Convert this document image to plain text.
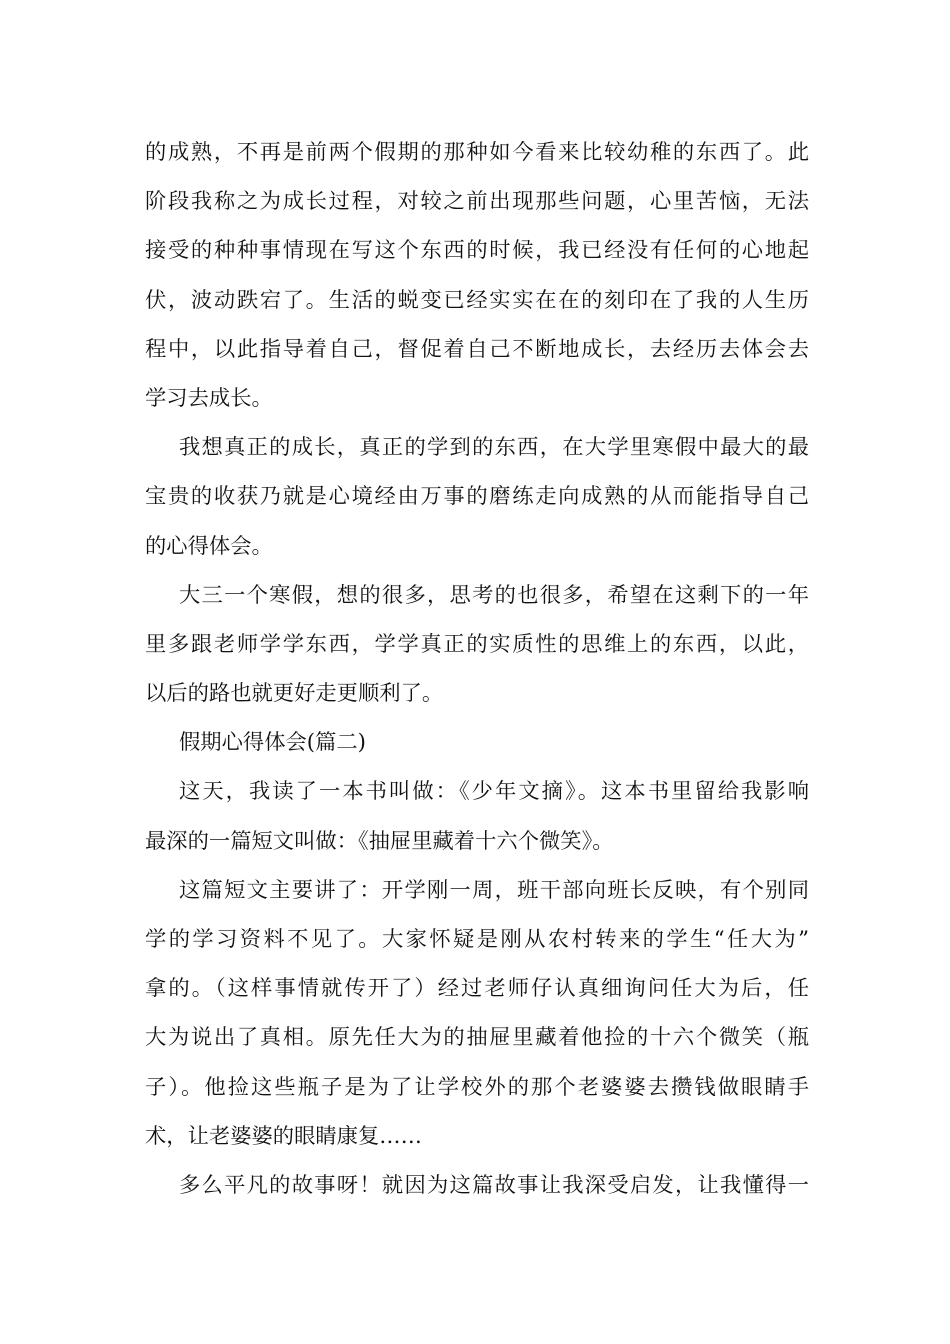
的成熟，不再是前两个假期的那种如今看来比较幼稚的东西了。此
阶段我称之为成长过程，对较之前出现那些问题，心里苦恼，无法
接受的种种事情现在写这个东西的时候，我已经没有任何的心地起
伏，波动跌宕了。生活的蜕变已经实实在在的刻印在了我的人生历
程中，以此指导着自己，督促着自己不断地成长，去经历去体会去
学习去成长。
我想真正的成长，真正的学到的东西，在大学里寒假中最大的最
宝贵的收获乃就是心境经由万事的磨练走向成熟的从而能指导自己
的心得体会。
大三一个寒假，想的很多，思考的也很多，希望在这剩下的一年
里多跟老师学学东西，学学真正的实质性的思维上的东西，以此，
以后的路也就更好走更顺利了。
假期心得体会(篇二)
这天，我读了一本书叫做：《少年文摘》。这本书里留给我影响
最深的一篇短文叫做：《抽屉里藏着十六个微笑》。
这篇短文主要讲了：开学刚一周，班干部向班长反映，有个别同
学的学习资料不见了。大家怀疑是刚从农村转来的学生“任大为”
拿的。（这样事情就传开了）经过老师仔认真细询问任大为后，任
大为说出了真相。原先任大为的抽屉里藏着他捡的十六个微笑（瓶
子）。他捡这些瓶子是为了让学校外的那个老婆婆去攒钱做眼睛手
术，让老婆婆的眼睛康复……
多么平凡的故事呀！就因为这篇故事让我深受启发，让我懂得一
